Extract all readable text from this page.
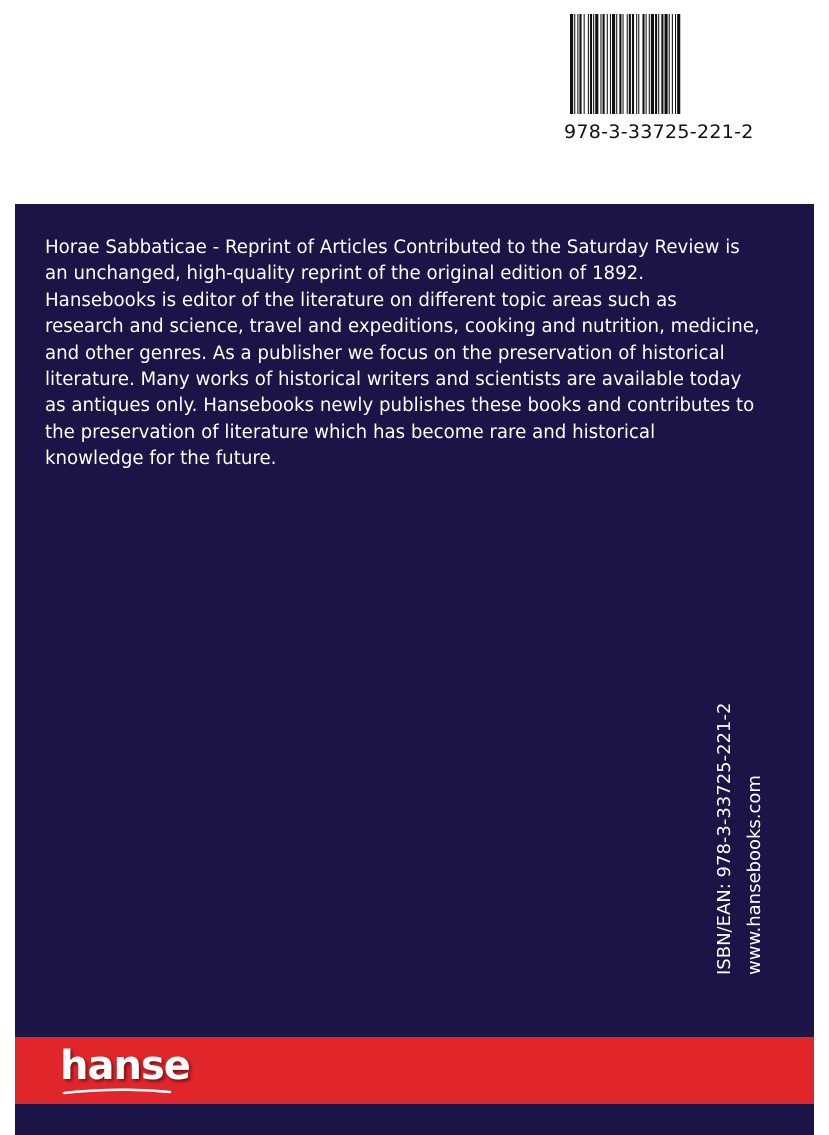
978-3-33725-221-2
Horae Sabbaticae - Reprint of Articles Contributed to the Saturday Review is
an unchanged, high-quality reprint of the original edition of 1892.
Hansebooks is editor of the literature on different topic areas such as
research and science, travel and expeditions, cooking and nutrition, medicine,
and other genres. As a publisher we focus on the preservation of historical
literature. Many works of historical writers and scientists are available today
as antiques only. Hansebooks newly publishes these books and contributes to
the preservation of literature which has become rare and historical
knowledge for the future.
ISBN/EAN: 978-3-33725-221-2 www.hansebooks.com
hanse
